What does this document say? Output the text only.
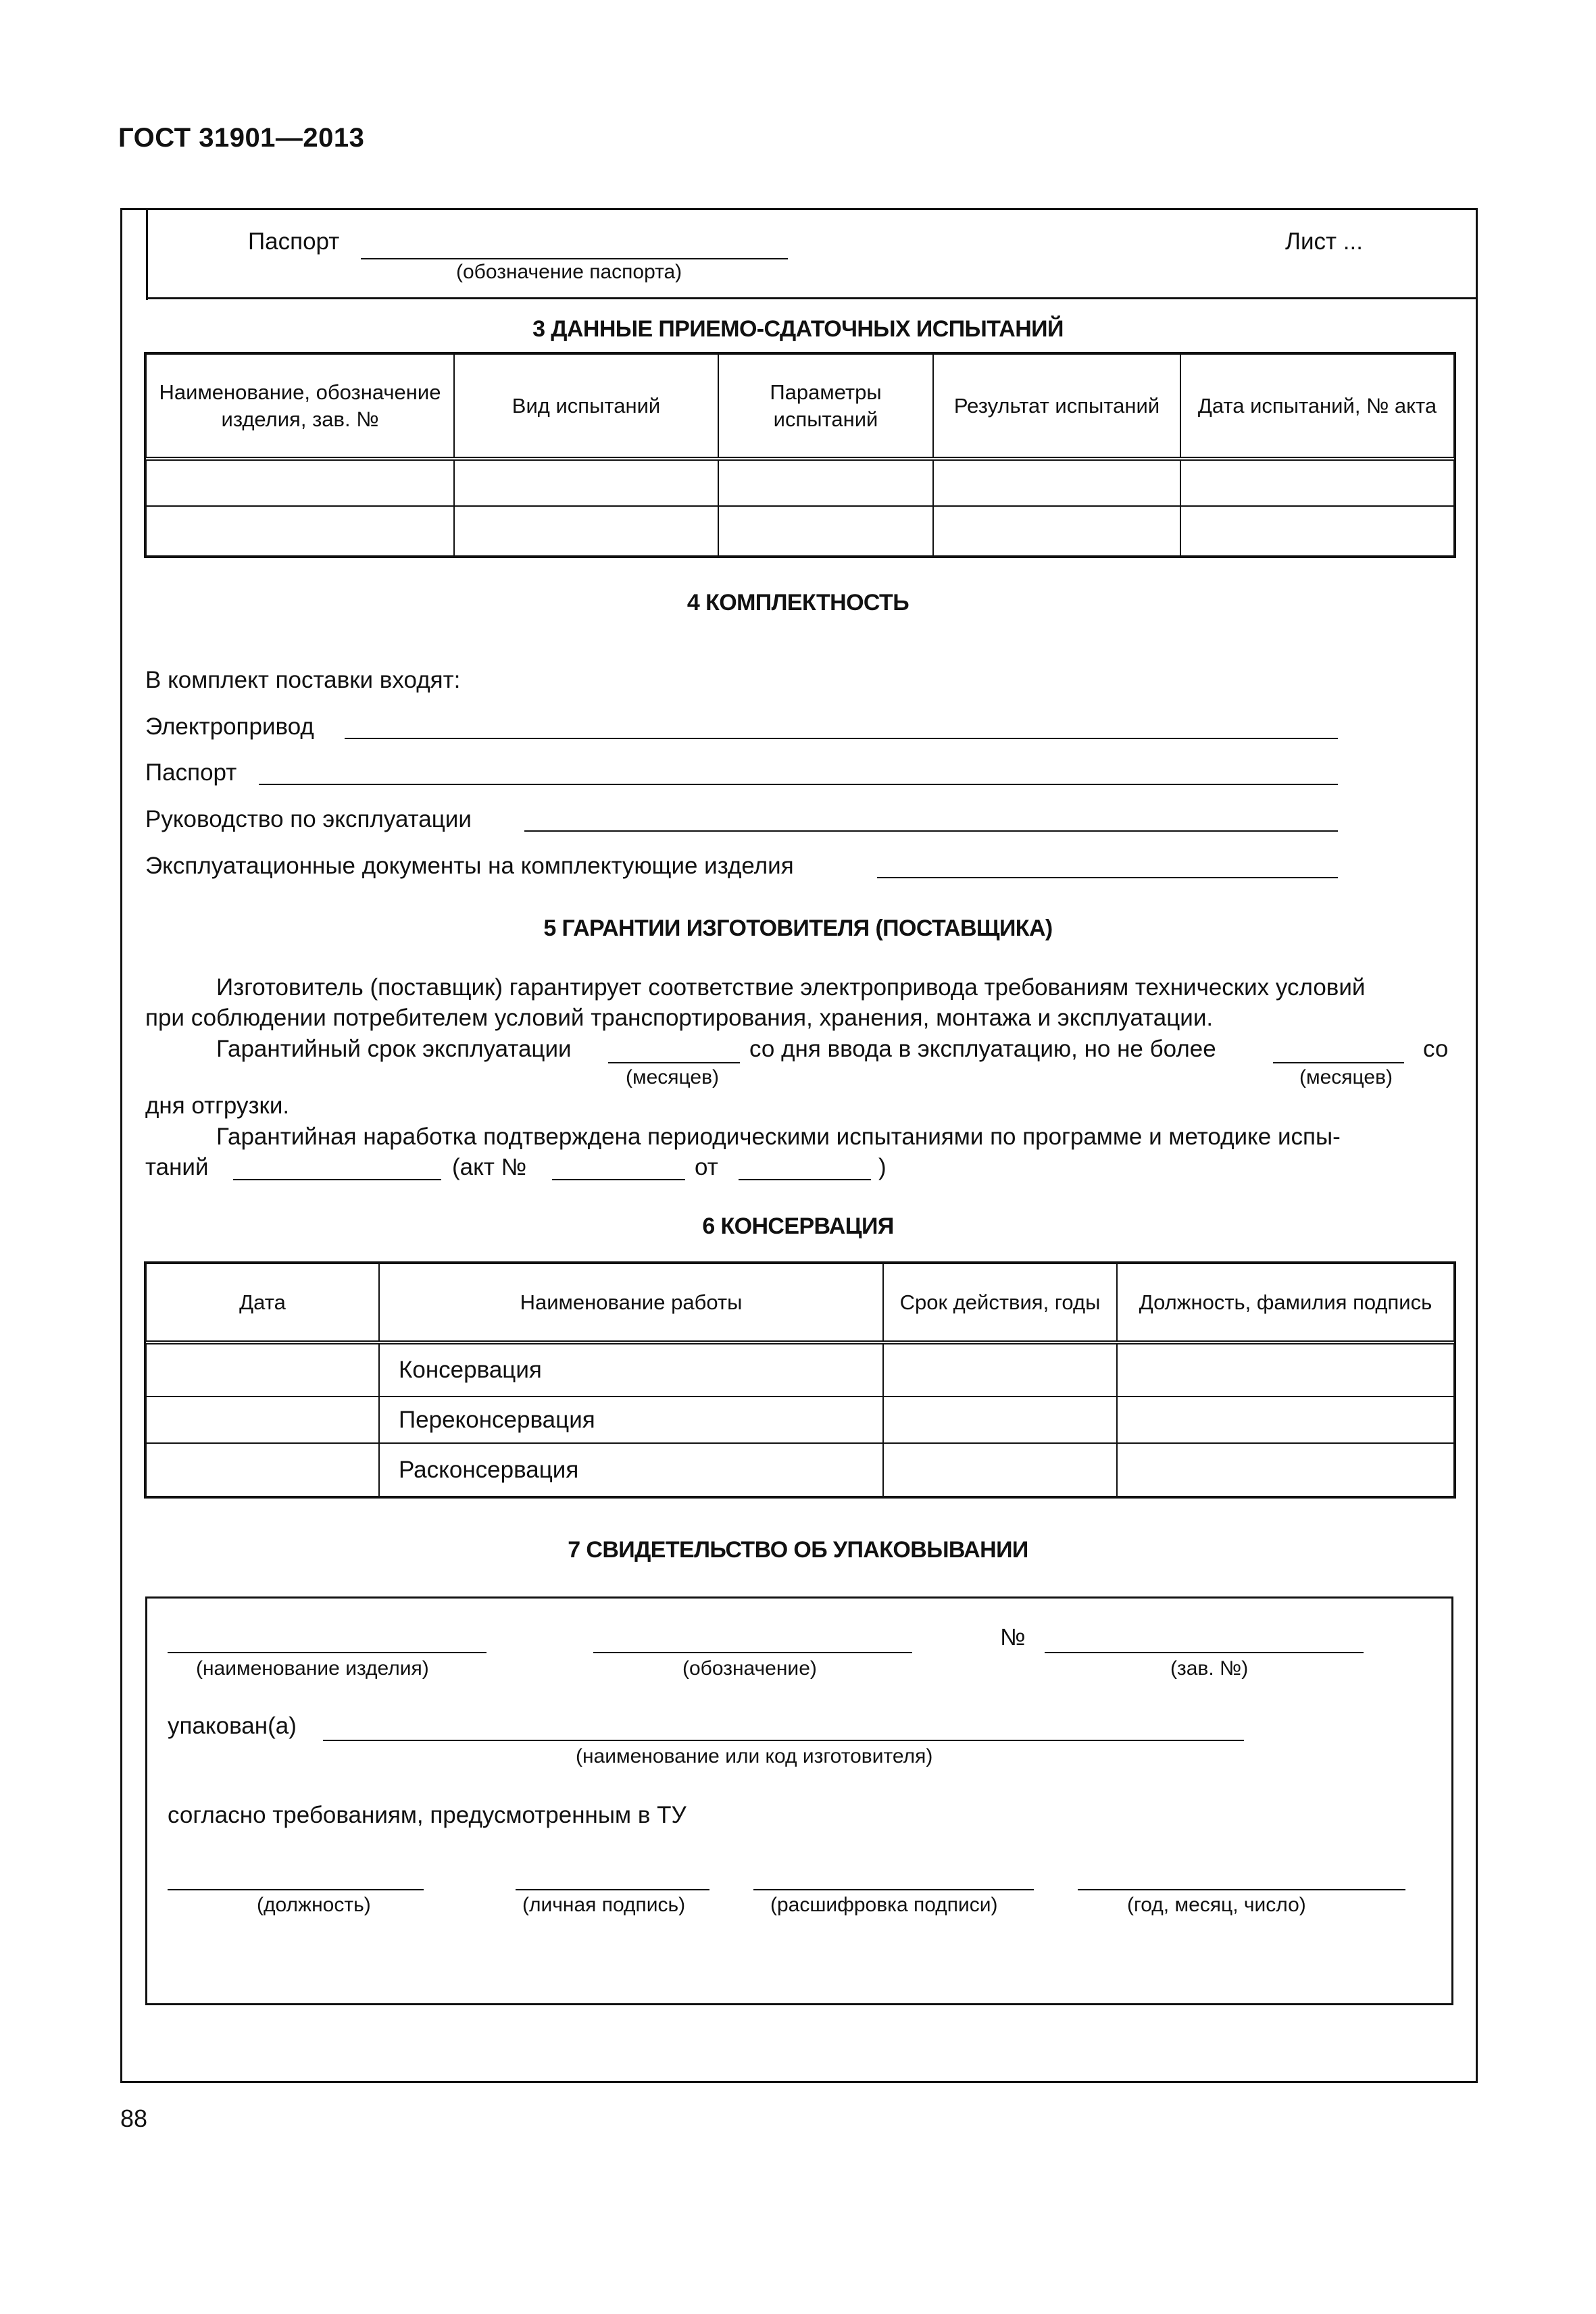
ГОСТ 31901—2013
Паспорт
(обозначение паспорта)
Лист ...
3 ДАННЫЕ ПРИЕМО-СДАТОЧНЫХ ИСПЫТАНИЙ
Наименование, обозначение изделия, зав. №	Вид испытаний	Параметры испытаний	Результат испытаний	Дата испытаний, № акта

4 КОМПЛЕКТНОСТЬ
В комплект поставки входят:
Электропривод
Паспорт
Руководство по эксплуатации
Эксплуатационные документы на комплектующие изделия
5 ГАРАНТИИ ИЗГОТОВИТЕЛЯ (ПОСТАВЩИКА)
Изготовитель (поставщик) гарантирует соответствие электропривода требованиям технических условий
при соблюдении потребителем условий транспортирования, хранения, монтажа и эксплуатации.
Гарантийный срок эксплуатации	со дня ввода в эксплуатацию, но не более	со
(месяцев)	(месяцев)
дня отгрузки.
Гарантийная наработка подтверждена периодическими испытаниями по программе и методике испы-
таний	(акт №	от	)
6 КОНСЕРВАЦИЯ
Дата	Наименование работы	Срок действия, годы	Должность, фамилия подпись
	Консервация		
	Переконсервация		
	Расконсервация		
7 СВИДЕТЕЛЬСТВО ОБ УПАКОВЫВАНИИ
(наименование изделия)	(обозначение)
№
(зав. №)
упакован(а)
(наименование или код изготовителя)
согласно требованиям, предусмотренным в ТУ
(должность)	(личная подпись)	(расшифровка подписи)	(год, месяц, число)
88
